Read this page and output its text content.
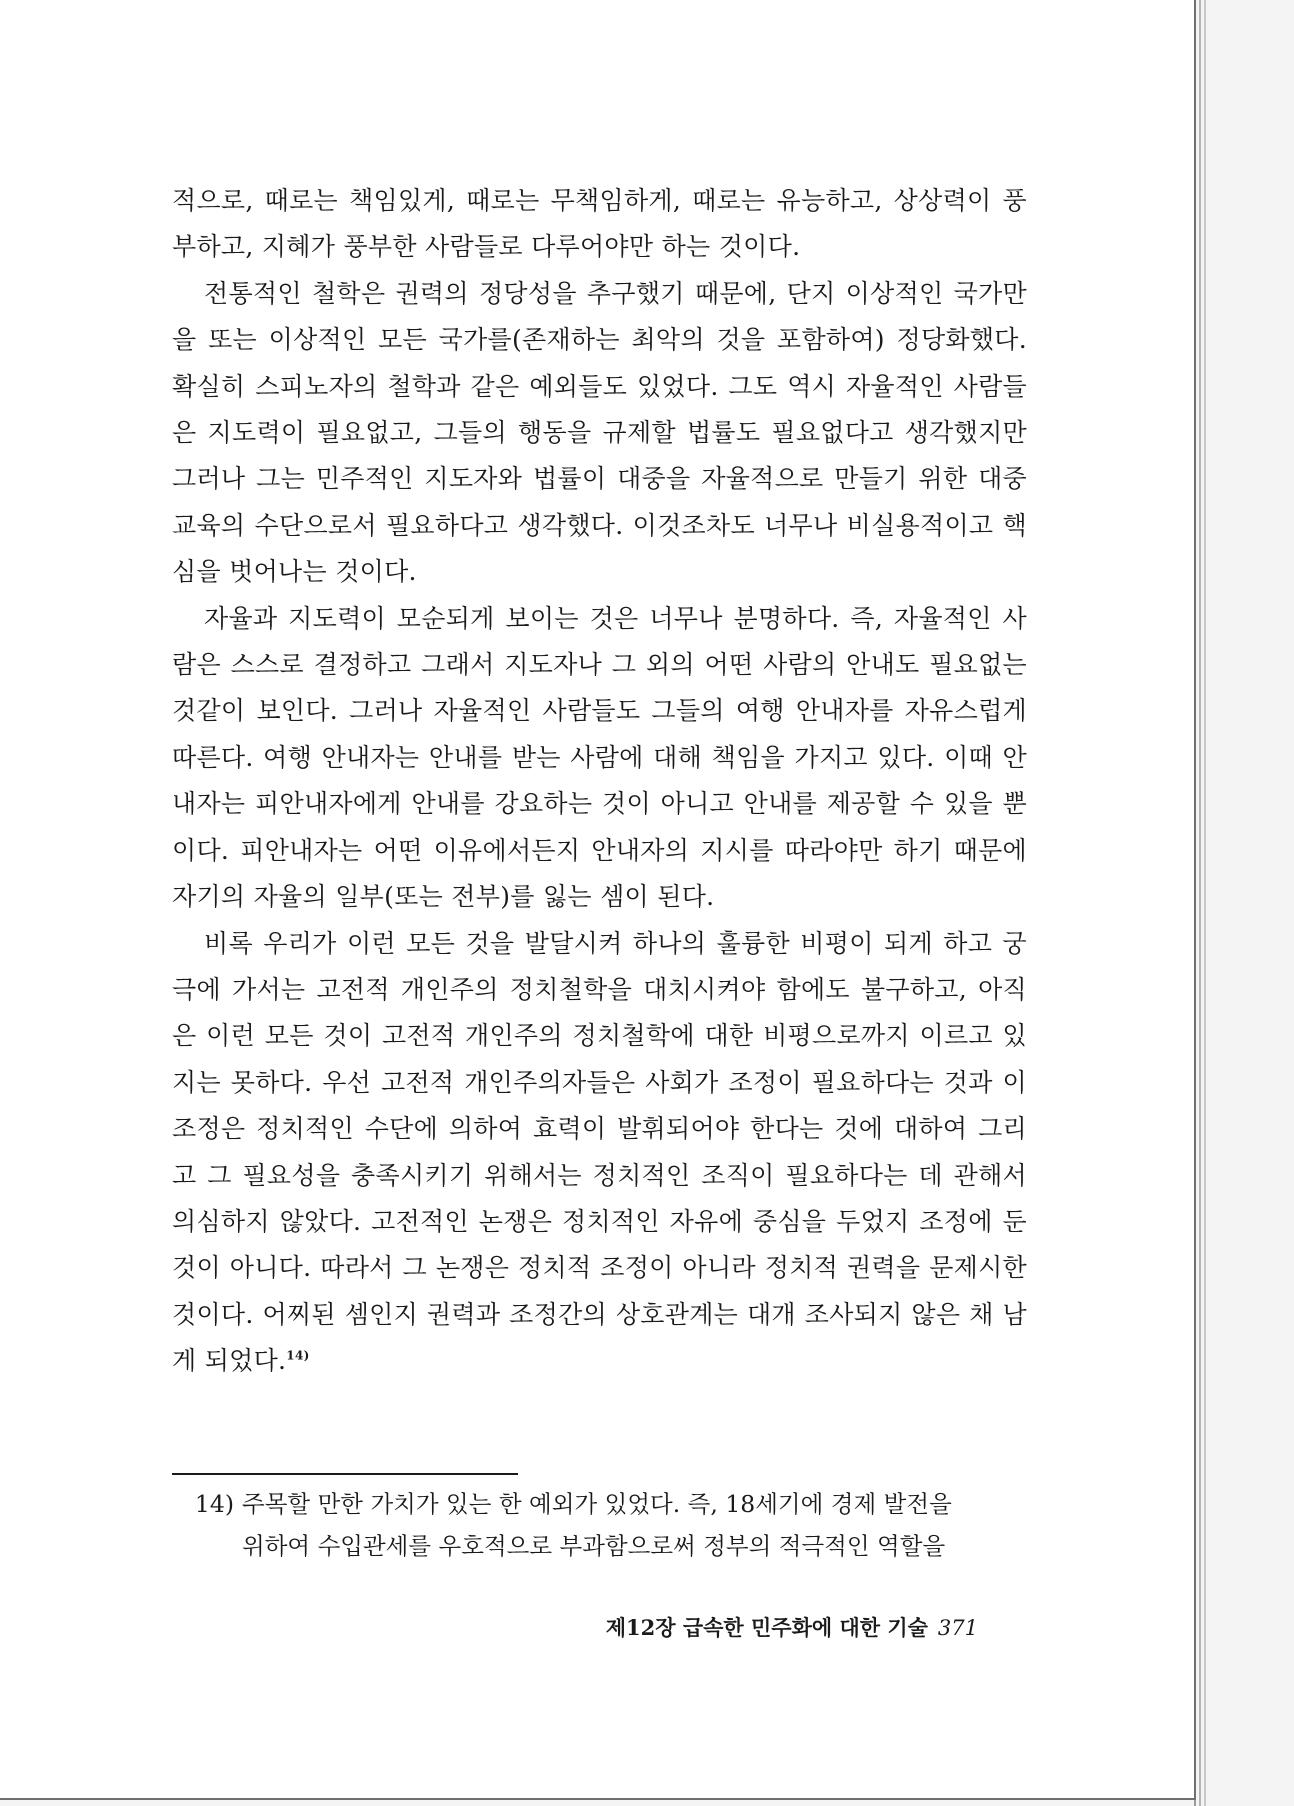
적으로, 때로는 책임있게, 때로는 무책임하게, 때로는 유능하고, 상상력이 풍부하고, 지혜가 풍부한 사람들로 다루어야만 하는 것이다.

전통적인 철학은 권력의 정당성을 추구했기 때문에, 단지 이상적인 국가만을 또는 이상적인 모든 국가를(존재하는 최악의 것을 포함하여) 정당화했다. 확실히 스피노자의 철학과 같은 예외들도 있었다. 그도 역시 자율적인 사람들은 지도력이 필요없고, 그들의 행동을 규제할 법률도 필요없다고 생각했지만 그러나 그는 민주적인 지도자와 법률이 대중을 자율적으로 만들기 위한 대중교육의 수단으로서 필요하다고 생각했다. 이것조차도 너무나 비실용적이고 핵심을 벗어나는 것이다.

자율과 지도력이 모순되게 보이는 것은 너무나 분명하다. 즉, 자율적인 사람은 스스로 결정하고 그래서 지도자나 그 외의 어떤 사람의 안내도 필요없는 것같이 보인다. 그러나 자율적인 사람들도 그들의 여행 안내자를 자유스럽게 따른다. 여행 안내자는 안내를 받는 사람에 대해 책임을 가지고 있다. 이때 안내자는 피안내자에게 안내를 강요하는 것이 아니고 안내를 제공할 수 있을 뿐이다. 피안내자는 어떤 이유에서든지 안내자의 지시를 따라야만 하기 때문에 자기의 자율의 일부(또는 전부)를 잃는 셈이 된다.

비록 우리가 이런 모든 것을 발달시켜 하나의 훌륭한 비평이 되게 하고 궁극에 가서는 고전적 개인주의 정치철학을 대치시켜야 함에도 불구하고, 아직은 이런 모든 것이 고전적 개인주의 정치철학에 대한 비평으로까지 이르고 있지는 못하다. 우선 고전적 개인주의자들은 사회가 조정이 필요하다는 것과 이 조정은 정치적인 수단에 의하여 효력이 발휘되어야 한다는 것에 대하여 그리고 그 필요성을 충족시키기 위해서는 정치적인 조직이 필요하다는 데 관해서 의심하지 않았다. 고전적인 논쟁은 정치적인 자유에 중심을 두었지 조정에 둔 것이 아니다. 따라서 그 논쟁은 정치적 조정이 아니라 정치적 권력을 문제시한 것이다. 어찌된 셈인지 권력과 조정간의 상호관계는 대개 조사되지 않은 채 남게 되었다.$^{14)}$

14) 주목할 만한 가치가 있는 한 예외가 있었다. 즉, 18세기에 경제 발전을
위하여 수입관세를 우호적으로 부과함으로써 정부의 적극적인 역할을
제12장 급속한 민주화에 대한 기술 371
